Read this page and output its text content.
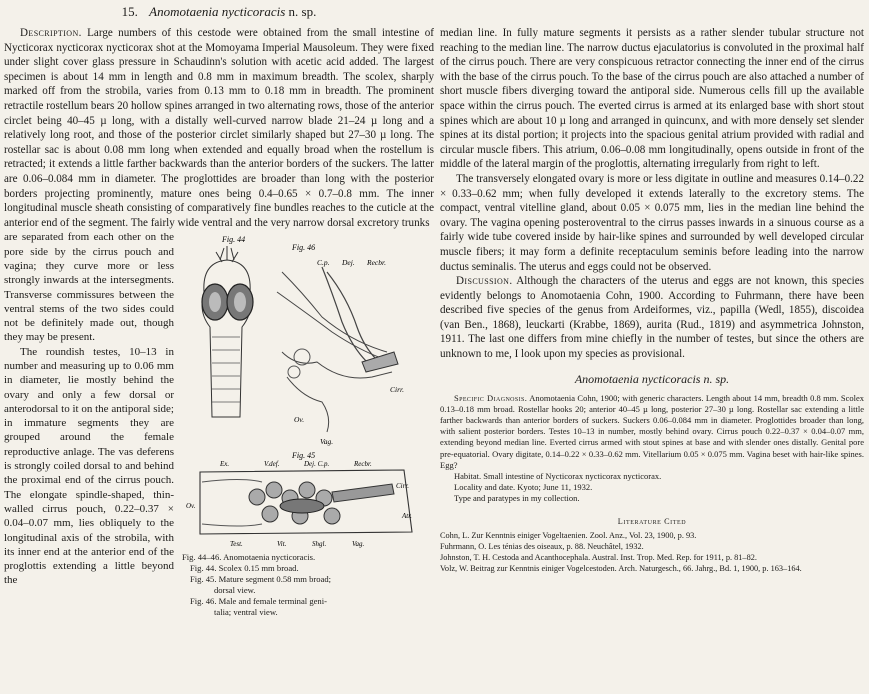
15. Anomotaenia nycticoracis n. sp.

Description. Large numbers of this cestode were obtained from the small intestine of Nycticorax nycticorax nycticorax shot at the Momoyama Imperial Mausoleum. They were fixed under slight cover glass pressure in Schaudinn's solution with acetic acid added. The largest specimen is about 14 mm in length and 0.8 mm in maximum breadth. The scolex, sharply marked off from the strobila, varies from 0.13 mm to 0.18 mm in breadth. The prominent retractile rostellum bears 20 hollow spines arranged in two alternating rows, those of the anterior circlet being 40–45 µ long, with a distally well-curved narrow blade 21–24 µ long and a relatively long root, and those of the posterior circlet similarly shaped but 27–30 µ long. The rostellar sac is about 0.08 mm long when extended and equally broad when the rostellum is retracted; it extends a little farther backwards than the anterior borders of the suckers. The latter are 0.06–0.084 mm in diameter. The proglottides are broader than long with the posterior borders projecting prominently, mature ones being 0.4–0.65 × 0.7–0.8 mm. The inner longitudinal muscle sheath consisting of comparatively fine bundles reaches to the cuticle at the anterior end of the segment. The fairly wide ventral and the very narrow dorsal excretory trunks

are separated from each other on the pore side by the cirrus pouch and vagina; they curve more or less strongly inwards at the intersegments. Transverse commissures between the ventral stems of the two sides could not be definitely made out, though they may be present.

The roundish testes, 10–13 in number and measuring up to 0.06 mm in diameter, lie mostly behind the ovary and only a few dorsal or anterodorsal to it on the antiporal side; in immature segments they are grouped around the female reproductive anlage. The vas deferens is strongly coiled dorsal to and behind the proximal end of the cirrus pouch. The elongate spindle-shaped, thin-walled cirrus pouch, 0.22–0.37 × 0.04–0.07 mm, lies obliquely to the longitudinal axis of the strobila, with its inner end at the anterior end of the proglottis extending a little beyond the

Fig. 44
Fig. 46
C.p. Dej. Recbr.
Ov.
Vag.
Cirr.
Fig. 45
Ex.	V.def.	Dej. C.p.	Recbr.
Cirr.
Ov.
Atr.
Test.	Vit.	Shgl.	Vag.
Fig. 44–46. Anomotaenia nycticoracis.
Fig. 44. Scolex 0.15 mm broad.
Fig. 45. Mature segment 0.58 mm broad;
dorsal view.
Fig. 46. Male and female terminal geni-
talia; ventral view.

median line. In fully mature segments it persists as a rather slender tubular structure not reaching to the median line. The narrow ductus ejaculatorius is convoluted in the proximal half of the cirrus pouch. There are very conspicuous retractor connecting the inner end of the cirrus with the base of the cirrus pouch. To the base of the cirrus pouch are also attached a number of short muscle fibers diverging toward the antiporal side. Numerous cells fill up the available space within the cirrus pouch. The everted cirrus is armed at its enlarged base with short stout spines which are about 10 µ long and arranged in quincunx, and with more densely set slender spines at its distal portion; it projects into the spacious genital atrium provided with radial and circular muscle fibers. This atrium, 0.06–0.08 mm longitudinally, opens outside in front of the middle of the lateral margin of the proglottis, alternating irregularly from right to left.

The transversely elongated ovary is more or less digitate in outline and measures 0.14–0.22 × 0.33–0.62 mm; when fully developed it extends laterally to the excretory stems. The compact, ventral vitelline gland, about 0.05 × 0.075 mm, lies in the median line behind the ovary. The vagina opening posteroventral to the cirrus passes inwards in a sinuous course as a fairly wide tube covered inside by hair-like spines and surrounded by well developed circular muscle fibers; it may form a definite receptaculum seminis before leading into the narrow ductus seminalis. The uterus and eggs could not be observed.

Discussion. Although the characters of the uterus and eggs are not known, this species evidently belongs to Anomotaenia Cohn, 1900. According to Fuhrmann, there have been described five species of the genus from Ardeiformes, viz., papilla (Wedl, 1855), discoidea (van Ben., 1868), leuckarti (Krabbe, 1869), aurita (Rud., 1819) and asymmetrica Johnston, 1911. The last one differs from mine chiefly in the number of testes, but since the others are unknown to me, I look upon my species as provisional.

Anomotaenia nycticoracis n. sp.

Specific Diagnosis. Anomotaenia Cohn, 1900; with generic characters. Length about 14 mm, breadth 0.8 mm. Scolex 0.13–0.18 mm broad. Rostellar hooks 20; anterior 40–45 µ long, posterior 27–30 µ long. Rostellar sac extending a little farther backwards than anterior borders of suckers. Suckers 0.06–0.084 mm in diameter. Proglottides broader than long, with salient posterior borders. Testes 10–13 in number, mostly behind ovary. Cirrus pouch 0.22–0.37 × 0.04–0.07 mm, extending beyond median line. Everted cirrus armed with stout spines at base and with slender ones distally. Genital pore pre-equatorial. Ovary digitate, 0.14–0.22 × 0.33–0.62 mm. Vitellarium 0.05 × 0.075 mm. Vagina beset with hair-like spines. Egg?

Habitat. Small intestine of Nycticorax nycticorax nycticorax.

Locality and date. Kyoto; June 11, 1932.

Type and paratypes in my collection.

Literature Cited
Cohn, L. Zur Kenntnis einiger Vogeltaenien. Zool. Anz., Vol. 23, 1900, p. 93.
Fuhrmann, O. Les ténias des oiseaux, p. 88. Neuchâtel, 1932.
Johnston, T. H. Cestoda and Acanthocephala. Austral. Inst. Trop. Med. Rep. for 1911, p. 81–82.
Volz, W. Beitrag zur Kenntnis einiger Vogelcestoden. Arch. Naturgesch., 66. Jahrg., Bd. 1, 1900, p. 163–164.
